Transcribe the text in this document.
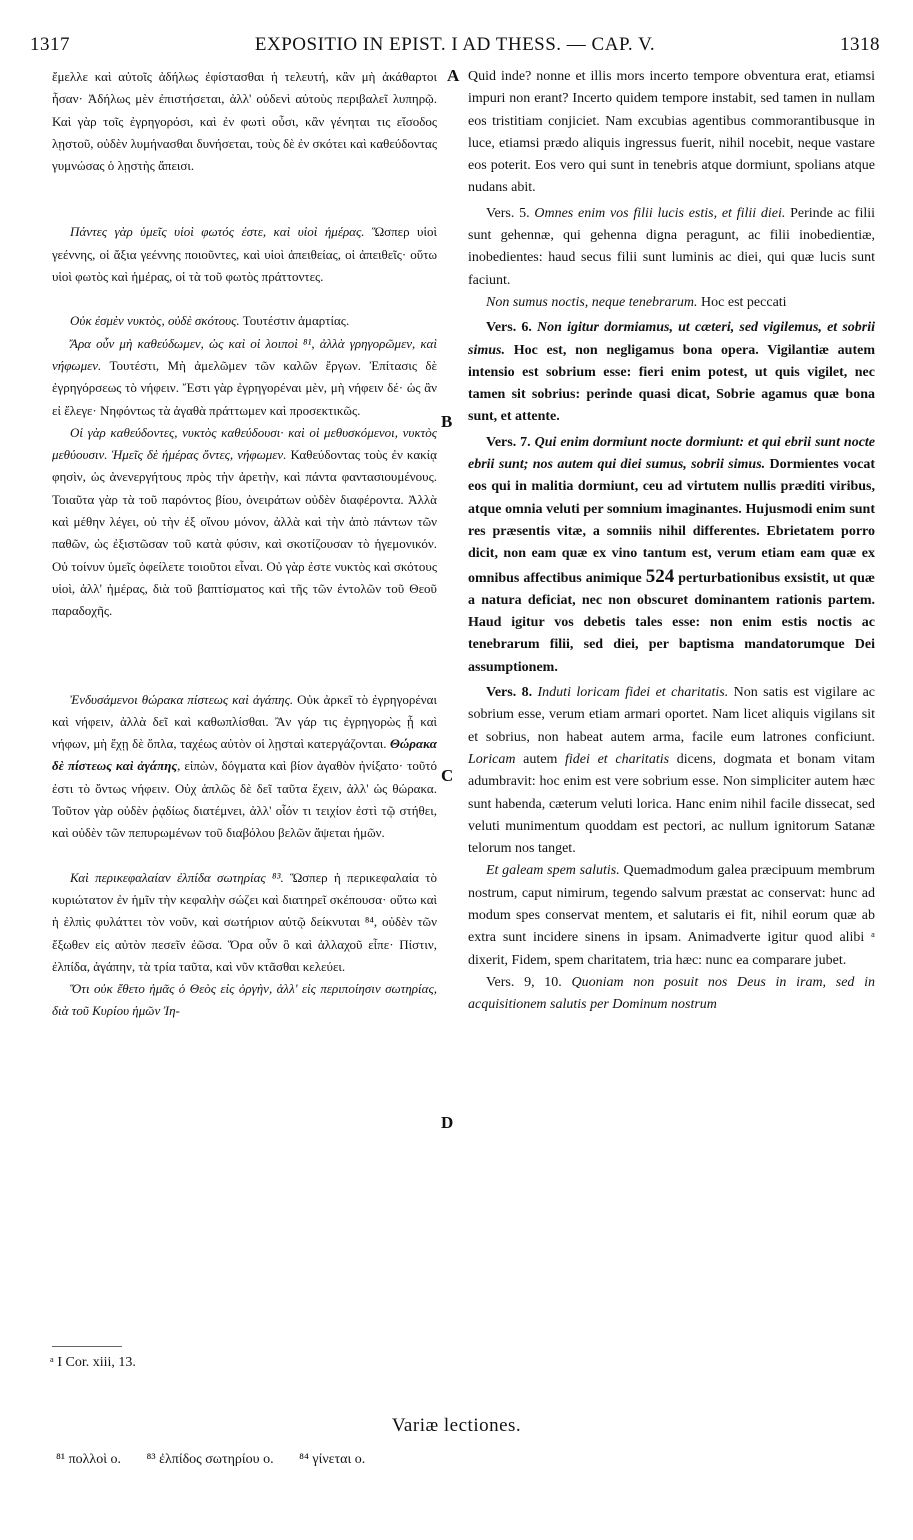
1317	EXPOSITIO IN EPIST. I AD THESS. — CAP. V.	1318
A
B
C
D

ἔμελλε καὶ αὐτοῖς ἀδήλως ἐφίστασθαι ἡ τελευτή, κἂν μὴ ἀκάθαρτοι ἦσαν· Ἀδήλως μὲν ἐπιστήσεται, ἀλλ' οὐδενὶ αὐτοὺς περιβαλεῖ λυπηρῷ. Καὶ γὰρ τοῖς ἐγρηγορόσι, καὶ ἐν φωτὶ οὖσι, κἂν γένηται τις εἴσοδος λῃστοῦ, οὐδὲν λυμήνασθαι δυνήσεται, τοὺς δὲ ἐν σκότει καὶ καθεύδοντας γυμνώσας ὁ λῃστὴς ἄπεισι.

Πάντες γὰρ ὑμεῖς υἱοὶ φωτός ἐστε, καὶ υἱοὶ ἡμέρας. Ὥσπερ υἱοὶ γεέννης, οἱ ἄξια γεέννης ποιοῦντες, καὶ υἱοὶ ἀπειθείας, οἱ ἀπειθεῖς· οὕτω υἱοὶ φωτὸς καὶ ἡμέρας, οἱ τὰ τοῦ φωτὸς πράττοντες.

Οὐκ ἐσμὲν νυκτὸς, οὐδὲ σκότους. Τουτέστιν ἁμαρτίας.

Ἄρα οὖν μὴ καθεύδωμεν, ὡς καὶ οἱ λοιποὶ ⁸¹, ἀλλὰ γρηγορῶμεν, καὶ νήφωμεν. Τουτέστι, Μὴ ἀμελῶμεν τῶν καλῶν ἔργων. Ἐπίτασις δὲ ἐγρηγόρσεως τὸ νήφειν. Ἔστι γὰρ ἐγρηγορέναι μὲν, μὴ νήφειν δέ· ὡς ἂν εἰ ἔλεγε· Νηφόντως τὰ ἀγαθὰ πράττωμεν καὶ προσεκτικῶς.

Οἱ γὰρ καθεύδοντες, νυκτὸς καθεύδουσι· καὶ οἱ μεθυσκόμενοι, νυκτὸς μεθύουσιν. Ἡμεῖς δὲ ἡμέρας ὄντες, νήφωμεν. Καθεύδοντας τοὺς ἐν κακίᾳ φησὶν, ὡς ἀνενεργήτους πρὸς τὴν ἀρετὴν, καὶ πάντα φαντασιουμένους. Τοιαῦτα γὰρ τὰ τοῦ παρόντος βίου, ὀνειράτων οὐδὲν διαφέροντα. Ἀλλὰ καὶ μέθην λέγει, οὐ τὴν ἐξ οἴνου μόνον, ἀλλὰ καὶ τὴν ἀπὸ πάντων τῶν παθῶν, ὡς ἐξιστῶσαν τοῦ κατὰ φύσιν, καὶ σκοτίζουσαν τὸ ἡγεμονικόν. Οὐ τοίνυν ὑμεῖς ὀφείλετε τοιοῦτοι εἶναι. Οὐ γὰρ ἐστε νυκτὸς καὶ σκότους υἱοὶ, ἀλλ' ἡμέρας, διὰ τοῦ βαπτίσματος καὶ τῆς τῶν ἐντολῶν τοῦ Θεοῦ παραδοχῆς.

Ἐνδυσάμενοι θώρακα πίστεως καὶ ἀγάπης. Οὐκ ἀρκεῖ τὸ ἐγρηγορέναι καὶ νήφειν, ἀλλὰ δεῖ καὶ καθωπλίσθαι. Ἂν γάρ τις ἐγρηγορὼς ᾖ καὶ νήφων, μὴ ἔχῃ δὲ ὅπλα, ταχέως αὐτὸν οἱ λῃσταὶ κατεργάζονται. Θώρακα δὲ πίστεως καὶ ἀγάπης, εἰπὼν, δόγματα καὶ βίον ἀγαθὸν ἠνίξατο· τοῦτό ἐστι τὸ ὄντως νήφειν. Οὐχ ἁπλῶς δὲ δεῖ ταῦτα ἔχειν, ἀλλ' ὡς θώρακα. Τοῦτον γὰρ οὐδὲν ῥᾳδίως διατέμνει, ἀλλ' οἷόν τι τειχίον ἐστὶ τῷ στήθει, καὶ οὐδὲν τῶν πεπυρωμένων τοῦ διαβόλου βελῶν ἅψεται ἡμῶν.

Καὶ περικεφαλαίαν ἐλπίδα σωτηρίας ⁸³. Ὥσπερ ἡ περικεφαλαία τὸ κυριώτατον ἐν ἡμῖν τὴν κεφαλὴν σώζει καὶ διατηρεῖ σκέπουσα· οὕτω καὶ ἡ ἐλπὶς φυλάττει τὸν νοῦν, καὶ σωτήριον αὐτῷ δείκνυται ⁸⁴, οὐδὲν τῶν ἔξωθεν εἰς αὐτὸν πεσεῖν ἐῶσα. Ὅρα οὖν ὃ καὶ ἀλλαχοῦ εἶπε· Πίστιν, ἐλπίδα, ἀγάπην, τὰ τρία ταῦτα, καὶ νῦν κτᾶσθαι κελεύει.

Ὅτι οὐκ ἔθετο ἡμᾶς ὁ Θεὸς εἰς ὀργὴν, ἀλλ' εἰς περιποίησιν σωτηρίας, διὰ τοῦ Κυρίου ἡμῶν Ἰη-

Quid inde? nonne et illis mors incerto tempore obventura erat, etiamsi impuri non erant? Incerto quidem tempore instabit, sed tamen in nullam eos tristitiam conjiciet. Nam excubias agentibus commorantibusque in luce, etiamsi prædo aliquis ingressus fuerit, nihil nocebit, neque vastare eos poterit. Eos vero qui sunt in tenebris atque dormiunt, spolians atque nudans abit.

Vers. 5. Omnes enim vos filii lucis estis, et filii diei. Perinde ac filii sunt gehennæ, qui gehenna digna peragunt, ac filii inobedientiæ, inobedientes: haud secus filii sunt luminis ac diei, qui quæ lucis sunt faciunt.

Non sumus noctis, neque tenebrarum. Hoc est peccati

Vers. 6. Non igitur dormiamus, ut cæteri, sed vigilemus, et sobrii simus. Hoc est, non negligamus bona opera. Vigilantiæ autem intensio est sobrium esse: fieri enim potest, ut quis vigilet, nec tamen sit sobrius: perinde quasi dicat, Sobrie agamus quæ bona sunt, et attente.

Vers. 7. Qui enim dormiunt nocte dormiunt: et qui ebrii sunt nocte ebrii sunt; nos autem qui diei sumus, sobrii simus. Dormientes vocat eos qui in malitia dormiunt, ceu ad virtutem nullis præditi viribus, atque omnia veluti per somnium imaginantes. Hujusmodi enim sunt res præsentis vitæ, a somniis nihil differentes. Ebrietatem porro dicit, non eam quæ ex vino tantum est, verum etiam eam quæ ex omnibus affectibus animique 524 perturbationibus exsistit, ut quæ a natura deficiat, nec non obscuret dominantem rationis partem. Haud igitur vos debetis tales esse: non enim estis noctis ac tenebrarum filii, sed diei, per baptisma mandatorumque Dei assumptionem.

Vers. 8. Induti loricam fidei et charitatis. Non satis est vigilare ac sobrium esse, verum etiam armari oportet. Nam licet aliquis vigilans sit et sobrius, non habeat autem arma, facile eum latrones conficiunt. Loricam autem fidei et charitatis dicens, dogmata et bonam vitam adumbravit: hoc enim est vere sobrium esse. Non simpliciter autem hæc sunt habenda, cæterum veluti lorica. Hanc enim nihil facile dissecat, sed veluti munimentum quoddam est pectori, ac nullum ignitorum Satanæ telorum nos tanget.

Et galeam spem salutis. Quemadmodum galea præcipuum membrum nostrum, caput nimirum, tegendo salvum præstat ac conservat: hunc ad modum spes conservat mentem, et salutaris ei fit, nihil eorum quæ ab extra sunt incidere sinens in ipsam. Animadverte igitur quod alibi ᵃ dixerit, Fidem, spem charitatem, tria hæc: nunc ea comparare jubet.

Vers. 9, 10. Quoniam non posuit nos Deus in iram, sed in acquisitionem salutis per Dominum nostrum

ᵃ I Cor. xiii, 13.
Variæ lectiones.
⁸¹ πολλοὶ ο. ⁸³ ἐλπίδος σωτηρίου ο. ⁸⁴ γίνεται ο.
